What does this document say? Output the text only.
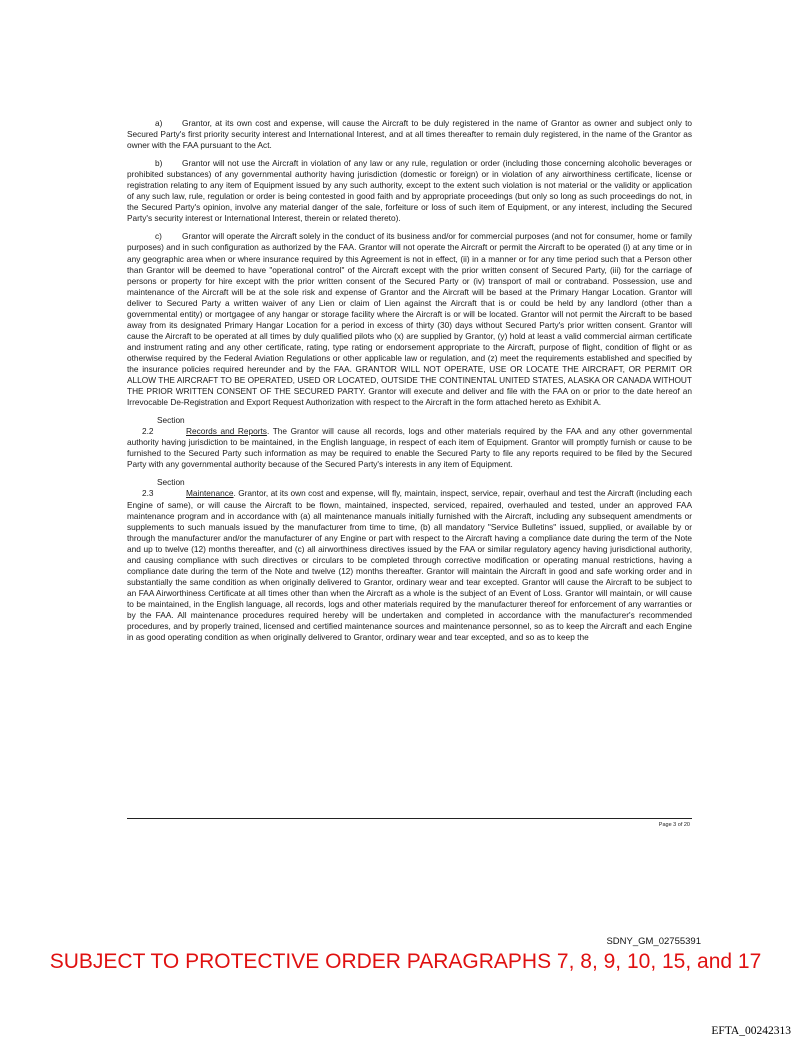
a) Grantor, at its own cost and expense, will cause the Aircraft to be duly registered in the name of Grantor as owner and subject only to Secured Party's first priority security interest and International Interest, and at all times thereafter to remain duly registered, in the name of the Grantor as owner with the FAA pursuant to the Act.

b) Grantor will not use the Aircraft in violation of any law or any rule, regulation or order (including those concerning alcoholic beverages or prohibited substances) of any governmental authority having jurisdiction (domestic or foreign) or in violation of any airworthiness certificate, license or registration relating to any item of Equipment issued by any such authority, except to the extent such violation is not material or the validity or application of any such law, rule, regulation or order is being contested in good faith and by appropriate proceedings (but only so long as such proceedings do not, in the Secured Party's opinion, involve any material danger of the sale, forfeiture or loss of such item of Equipment, or any interest, including the Secured Party's security interest or International Interest, therein or related thereto).

c) Grantor will operate the Aircraft solely in the conduct of its business and/or for commercial purposes (and not for consumer, home or family purposes) and in such configuration as authorized by the FAA. Grantor will not operate the Aircraft or permit the Aircraft to be operated (i) at any time or in any geographic area when or where insurance required by this Agreement is not in effect, (ii) in a manner or for any time period such that a Person other than Grantor will be deemed to have "operational control" of the Aircraft except with the prior written consent of Secured Party, (iii) for the carriage of persons or property for hire except with the prior written consent of the Secured Party or (iv) transport of mail or contraband. Possession, use and maintenance of the Aircraft will be at the sole risk and expense of Grantor and the Aircraft will be based at the Primary Hangar Location. Grantor will deliver to Secured Party a written waiver of any Lien or claim of Lien against the Aircraft that is or could be held by any landlord (other than a governmental entity) or mortgagee of any hangar or storage facility where the Aircraft is or will be located. Grantor will not permit the Aircraft to be based away from its designated Primary Hangar Location for a period in excess of thirty (30) days without Secured Party's prior written consent. Grantor will cause the Aircraft to be operated at all times by duly qualified pilots who (x) are supplied by Grantor, (y) hold at least a valid commercial airman certificate and instrument rating and any other certificate, rating, type rating or endorsement appropriate to the Aircraft, purpose of flight, condition of flight or as otherwise required by the Federal Aviation Regulations or other applicable law or regulation, and (z) meet the requirements established and specified by the insurance policies required hereunder and by the FAA. GRANTOR WILL NOT OPERATE, USE OR LOCATE THE AIRCRAFT, OR PERMIT OR ALLOW THE AIRCRAFT TO BE OPERATED, USED OR LOCATED, OUTSIDE THE CONTINENTAL UNITED STATES, ALASKA OR CANADA WITHOUT THE PRIOR WRITTEN CONSENT OF THE SECURED PARTY. Grantor will execute and deliver and file with the FAA on or prior to the date hereof an Irrevocable De-Registration and Export Request Authorization with respect to the Aircraft in the form attached hereto as Exhibit A.

Section 2.2	Records and Reports. The Grantor will cause all records, logs and other materials required by the FAA and any other governmental authority having jurisdiction to be maintained, in the English language, in respect of each item of Equipment. Grantor will promptly furnish or cause to be furnished to the Secured Party such information as may be required to enable the Secured Party to file any reports required to be filed by the Secured Party with any governmental authority because of the Secured Party's interests in any item of Equipment.

Section 2.3	Maintenance. Grantor, at its own cost and expense, will fly, maintain, inspect, service, repair, overhaul and test the Aircraft (including each Engine of same), or will cause the Aircraft to be flown, maintained, inspected, serviced, repaired, overhauled and tested, under an approved FAA maintenance program and in accordance with (a) all maintenance manuals initially furnished with the Aircraft, including any subsequent amendments or supplements to such manuals issued by the manufacturer from time to time, (b) all mandatory "Service Bulletins" issued, supplied, or available by or through the manufacturer and/or the manufacturer of any Engine or part with respect to the Aircraft having a compliance date during the term of the Note and up to twelve (12) months thereafter, and (c) all airworthiness directives issued by the FAA or similar regulatory agency having jurisdictional authority, and causing compliance with such directives or circulars to be completed through corrective modification or operating manual restrictions, having a compliance date during the term of the Note and twelve (12) months thereafter. Grantor will maintain the Aircraft in good and safe working order and in substantially the same condition as when originally delivered to Grantor, ordinary wear and tear excepted. Grantor will cause the Aircraft to be subject to an FAA Airworthiness Certificate at all times other than when the Aircraft as a whole is the subject of an Event of Loss. Grantor will maintain, or will cause to be maintained, in the English language, all records, logs and other materials required by the manufacturer thereof for enforcement of any warranties or by the FAA. All maintenance procedures required hereby will be undertaken and completed in accordance with the manufacturer's recommended procedures, and by properly trained, licensed and certified maintenance sources and maintenance personnel, so as to keep the Aircraft and each Engine in as good operating condition as when originally delivered to Grantor, ordinary wear and tear excepted, and so as to keep the

Page 3 of 20
SDNY_GM_02755391
SUBJECT TO PROTECTIVE ORDER PARAGRAPHS 7, 8, 9, 10, 15, and 17
EFTA_00242313
